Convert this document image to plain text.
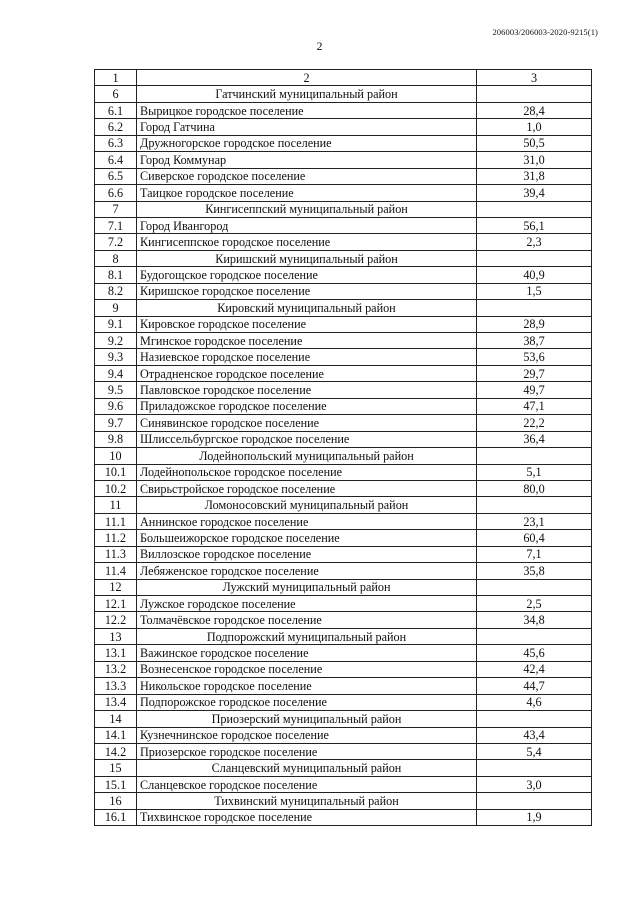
206003/206003-2020-9215(1)
2
1	2	3
6	Гатчинский муниципальный район	
6.1	Вырицкое городское поселение	28,4
6.2	Город Гатчина	1,0
6.3	Дружногорское городское поселение	50,5
6.4	Город Коммунар	31,0
6.5	Сиверское городское поселение	31,8
6.6	Таицкое городское поселение	39,4
7	Кингисеппский муниципальный район	
7.1	Город Ивангород	56,1
7.2	Кингисеппское городское поселение	2,3
8	Киришский муниципальный район	
8.1	Будогощское городское поселение	40,9
8.2	Киришское городское поселение	1,5
9	Кировский муниципальный район	
9.1	Кировское городское поселение	28,9
9.2	Мгинское городское поселение	38,7
9.3	Назиевское городское поселение	53,6
9.4	Отрадненское городское поселение	29,7
9.5	Павловское городское поселение	49,7
9.6	Приладожское городское поселение	47,1
9.7	Синявинское городское поселение	22,2
9.8	Шлиссельбургское городское поселение	36,4
10	Лодейнопольский муниципальный район	
10.1	Лодейнопольское городское поселение	5,1
10.2	Свирьстройское городское поселение	80,0
11	Ломоносовский муниципальный район	
11.1	Аннинское городское поселение	23,1
11.2	Большеижорское городское поселение	60,4
11.3	Виллозское городское поселение	7,1
11.4	Лебяженское городское поселение	35,8
12	Лужский муниципальный район	
12.1	Лужское городское поселение	2,5
12.2	Толмачёвское городское поселение	34,8
13	Подпорожский муниципальный район	
13.1	Важинское городское поселение	45,6
13.2	Вознесенское городское поселение	42,4
13.3	Никольское городское поселение	44,7
13.4	Подпорожское городское поселение	4,6
14	Приозерский муниципальный район	
14.1	Кузнечнинское городское поселение	43,4
14.2	Приозерское городское поселение	5,4
15	Сланцевский муниципальный район	
15.1	Сланцевское городское поселение	3,0
16	Тихвинский муниципальный район	
16.1	Тихвинское городское поселение	1,9
